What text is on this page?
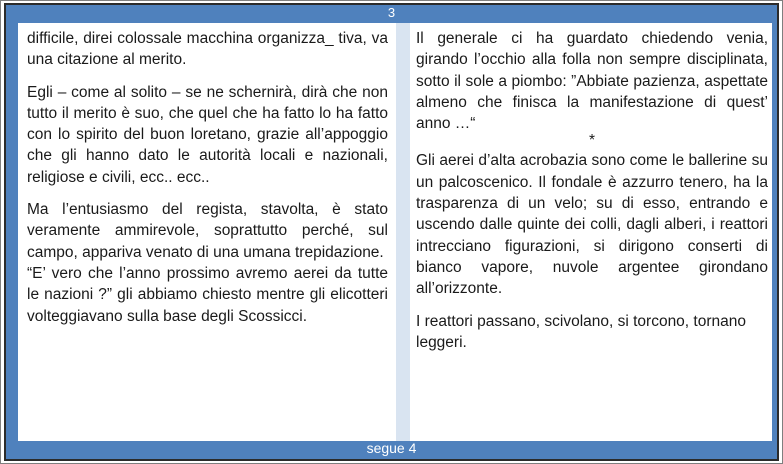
3

difficile, direi colossale macchina organizza_ tiva, va una citazione al merito.

Egli – come al solito – se ne schernirà, dirà che non tutto il merito è suo, che quel che ha fatto lo ha fatto con lo spirito del buon loretano, grazie all’appoggio che gli hanno dato le autorità locali e nazionali, religiose e civili, ecc.. ecc..

Ma l’entusiasmo del regista, stavolta, è stato veramente ammirevole, soprattutto perché, sul campo, appariva venato di una umana trepidazione.

“E’ vero che l’anno prossimo avremo aerei da tutte le nazioni ?” gli abbiamo chiesto mentre gli elicotteri volteggiavano sulla base degli Scossicci.

Il generale ci ha guardato chiedendo venia, girando l’occhio alla folla non sempre disciplinata, sotto il sole a piombo: ”Abbiate pazienza, aspettate almeno che finisca la manifestazione di quest’ anno …“

*

Gli aerei d’alta acrobazia sono come le ballerine su un palcoscenico. Il fondale è azzurro tenero, ha la trasparenza di un velo; su di esso, entrando e uscendo dalle quinte dei colli, dagli alberi, i reattori intrecciano figurazioni, si dirigono conserti di bianco vapore, nuvole argentee girondano all’orizzonte.

I reattori passano, scivolano, si torcono, tornano leggeri.

segue 4
